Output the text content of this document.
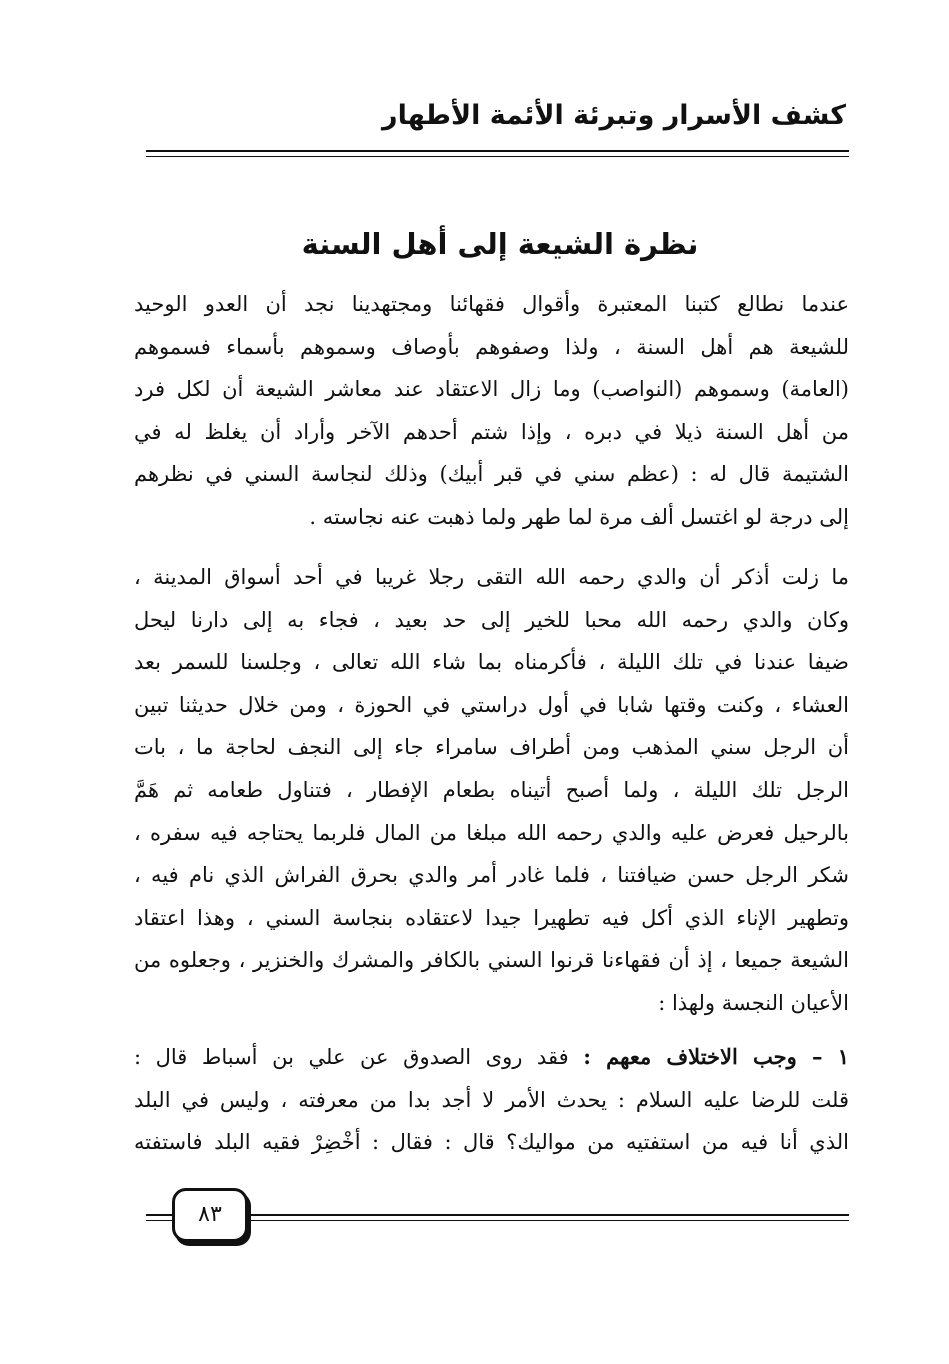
كشف الأسرار وتبرئة الأئمة الأطهار
نظرة الشيعة إلى أهل السنة
عندما نطالع كتبنا المعتبرة وأقوال فقهائنا ومجتهدينا نجد أن العدو الوحيد
للشيعة هم أهل السنة ، ولذا وصفوهم بأوصاف وسموهم بأسماء فسموهم
(العامة) وسموهم (النواصب) وما زال الاعتقاد عند معاشر الشيعة أن لكل فرد
من أهل السنة ذيلا في دبره ، وإذا شتم أحدهم الآخر وأراد أن يغلظ له في
الشتيمة قال له : (عظم سني في قبر أبيك) وذلك لنجاسة السني في نظرهم
إلى درجة لو اغتسل ألف مرة لما طهر ولما ذهبت عنه نجاسته .
ما زلت أذكر أن والدي رحمه الله التقى رجلا غريبا في أحد أسواق المدينة ،
وكان والدي رحمه الله محبا للخير إلى حد بعيد ، فجاء به إلى دارنا ليحل
ضيفا عندنا في تلك الليلة ، فأكرمناه بما شاء الله تعالى ، وجلسنا للسمر بعد
العشاء ، وكنت وقتها شابا في أول دراستي في الحوزة ، ومن خلال حديثنا تبين
أن الرجل سني المذهب ومن أطراف سامراء جاء إلى النجف لحاجة ما ، بات
الرجل تلك الليلة ، ولما أصبح أتيناه بطعام الإفطار ، فتناول طعامه ثم هَمَّ
بالرحيل فعرض عليه والدي رحمه الله مبلغا من المال فلربما يحتاجه فيه سفره ،
شكر الرجل حسن ضيافتنا ، فلما غادر أمر والدي بحرق الفراش الذي نام فيه ،
وتطهير الإناء الذي أكل فيه تطهيرا جيدا لاعتقاده بنجاسة السني ، وهذا اعتقاد
الشيعة جميعا ، إذ أن فقهاءنا قرنوا السني بالكافر والمشرك والخنزير ، وجعلوه من
الأعيان النجسة ولهذا :
١ – وجب الاختلاف معهم : فقد روى الصدوق عن علي بن أسباط قال :
قلت للرضا عليه السلام : يحدث الأمر لا أجد بدا من معرفته ، وليس في البلد
الذي أنا فيه من استفتيه من مواليك؟ قال : فقال : أخْضِرْ فقيه البلد فاستفته
٨٣
